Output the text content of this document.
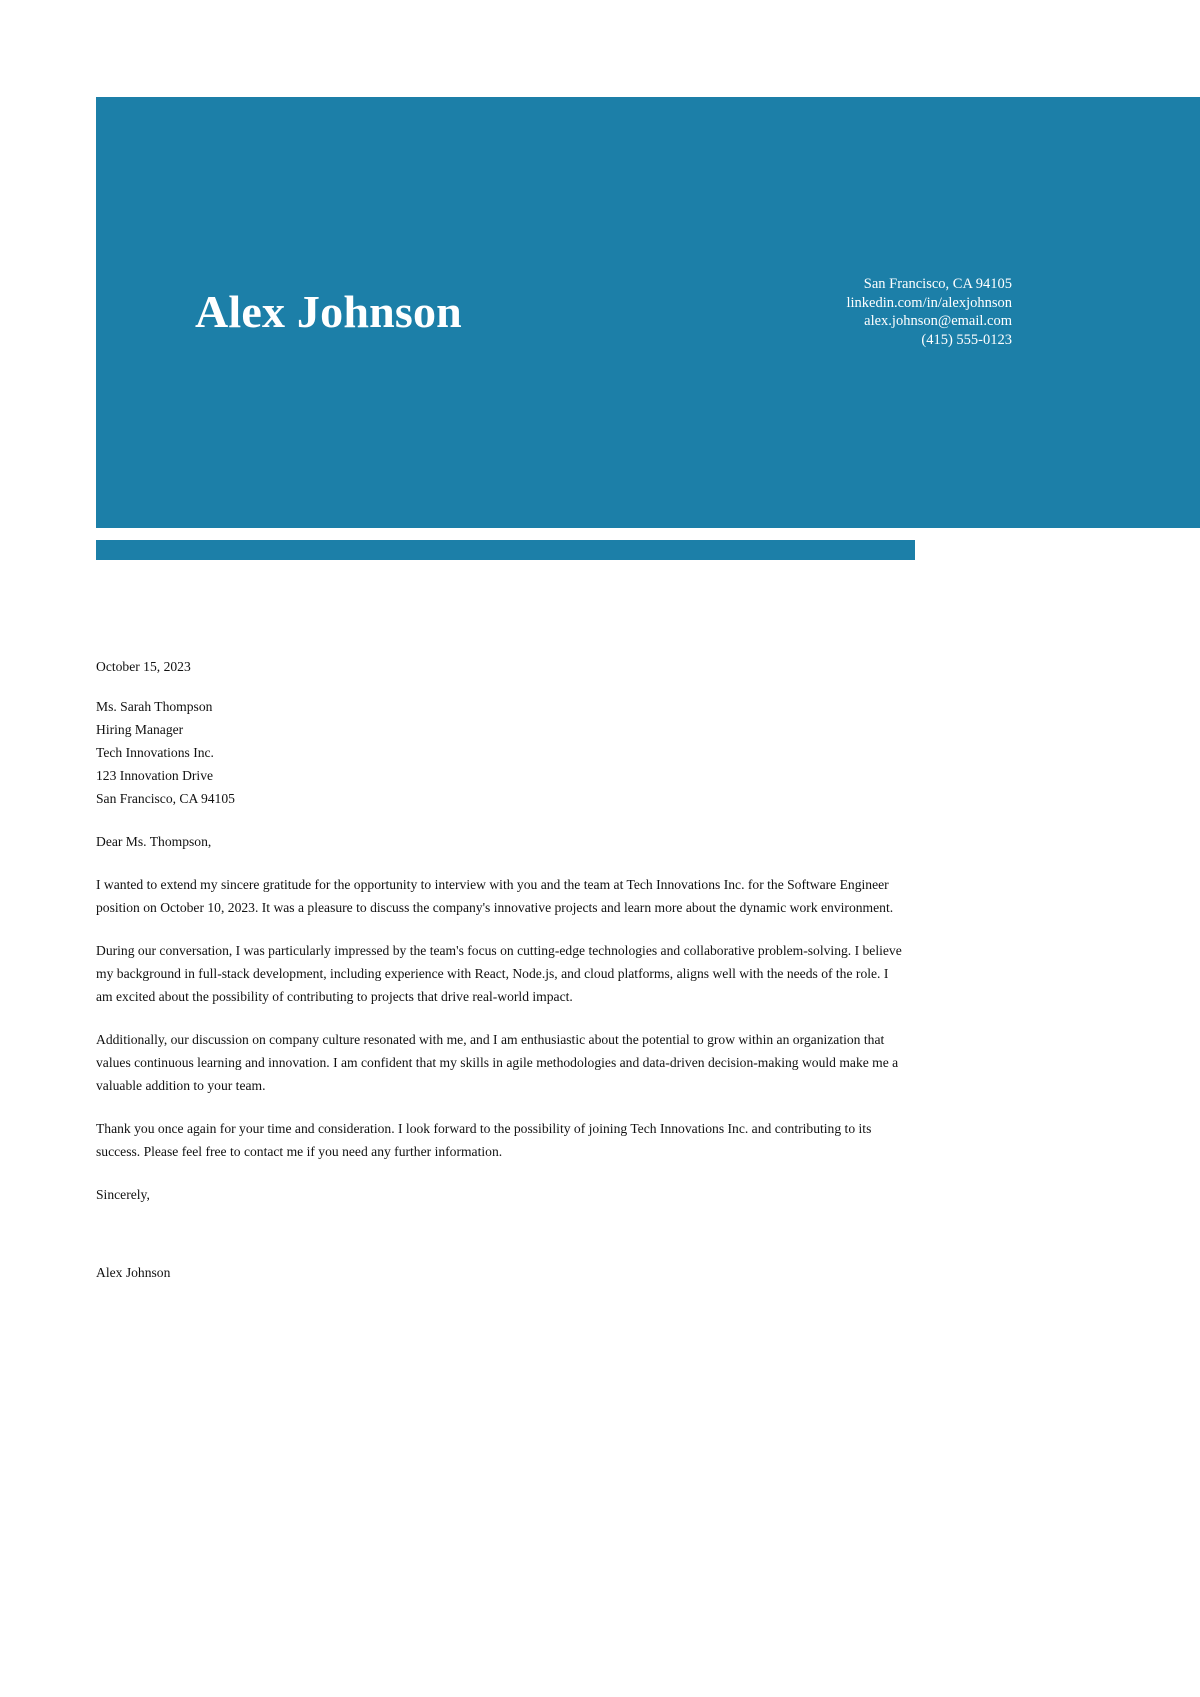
Alex Johnson
San Francisco, CA 94105
linkedin.com/in/alexjohnson
alex.johnson@email.com
(415) 555-0123
October 15, 2023
Ms. Sarah Thompson
Hiring Manager
Tech Innovations Inc.
123 Innovation Drive
San Francisco, CA 94105
Dear Ms. Thompson,

I wanted to extend my sincere gratitude for the opportunity to interview with you and the team at Tech Innovations Inc. for the Software Engineer position on October 10, 2023. It was a pleasure to discuss the company's innovative projects and learn more about the dynamic work environment.

During our conversation, I was particularly impressed by the team's focus on cutting-edge technologies and collaborative problem-solving. I believe my background in full-stack development, including experience with React, Node.js, and cloud platforms, aligns well with the needs of the role. I am excited about the possibility of contributing to projects that drive real-world impact.

Additionally, our discussion on company culture resonated with me, and I am enthusiastic about the potential to grow within an organization that values continuous learning and innovation. I am confident that my skills in agile methodologies and data-driven decision-making would make me a valuable addition to your team.

Thank you once again for your time and consideration. I look forward to the possibility of joining Tech Innovations Inc. and contributing to its success. Please feel free to contact me if you need any further information.

Sincerely,
Alex Johnson
